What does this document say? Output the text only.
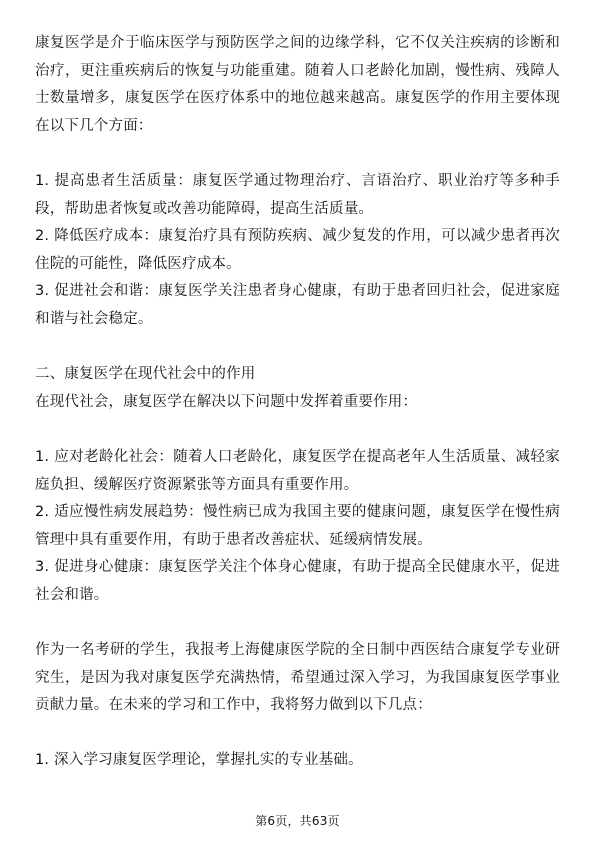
康复医学是介于临床医学与预防医学之间的边缘学科，它不仅关注疾病的诊断和治疗，更注重疾病后的恢复与功能重建。随着人口老龄化加剧，慢性病、残障人士数量增多，康复医学在医疗体系中的地位越来越高。康复医学的作用主要体现在以下几个方面：

1. 提高患者生活质量：康复医学通过物理治疗、言语治疗、职业治疗等多种手段，帮助患者恢复或改善功能障碍，提高生活质量。

2. 降低医疗成本：康复治疗具有预防疾病、减少复发的作用，可以减少患者再次住院的可能性，降低医疗成本。

3. 促进社会和谐：康复医学关注患者身心健康，有助于患者回归社会，促进家庭和谐与社会稳定。

二、康复医学在现代社会中的作用

在现代社会，康复医学在解决以下问题中发挥着重要作用：

1. 应对老龄化社会：随着人口老龄化，康复医学在提高老年人生活质量、减轻家庭负担、缓解医疗资源紧张等方面具有重要作用。

2. 适应慢性病发展趋势：慢性病已成为我国主要的健康问题，康复医学在慢性病管理中具有重要作用，有助于患者改善症状、延缓病情发展。

3. 促进身心健康：康复医学关注个体身心健康，有助于提高全民健康水平，促进社会和谐。

作为一名考研的学生，我报考上海健康医学院的全日制中西医结合康复学专业研究生，是因为我对康复医学充满热情，希望通过深入学习，为我国康复医学事业贡献力量。在未来的学习和工作中，我将努力做到以下几点：

1. 深入学习康复医学理论，掌握扎实的专业基础。

第6页，共63页
